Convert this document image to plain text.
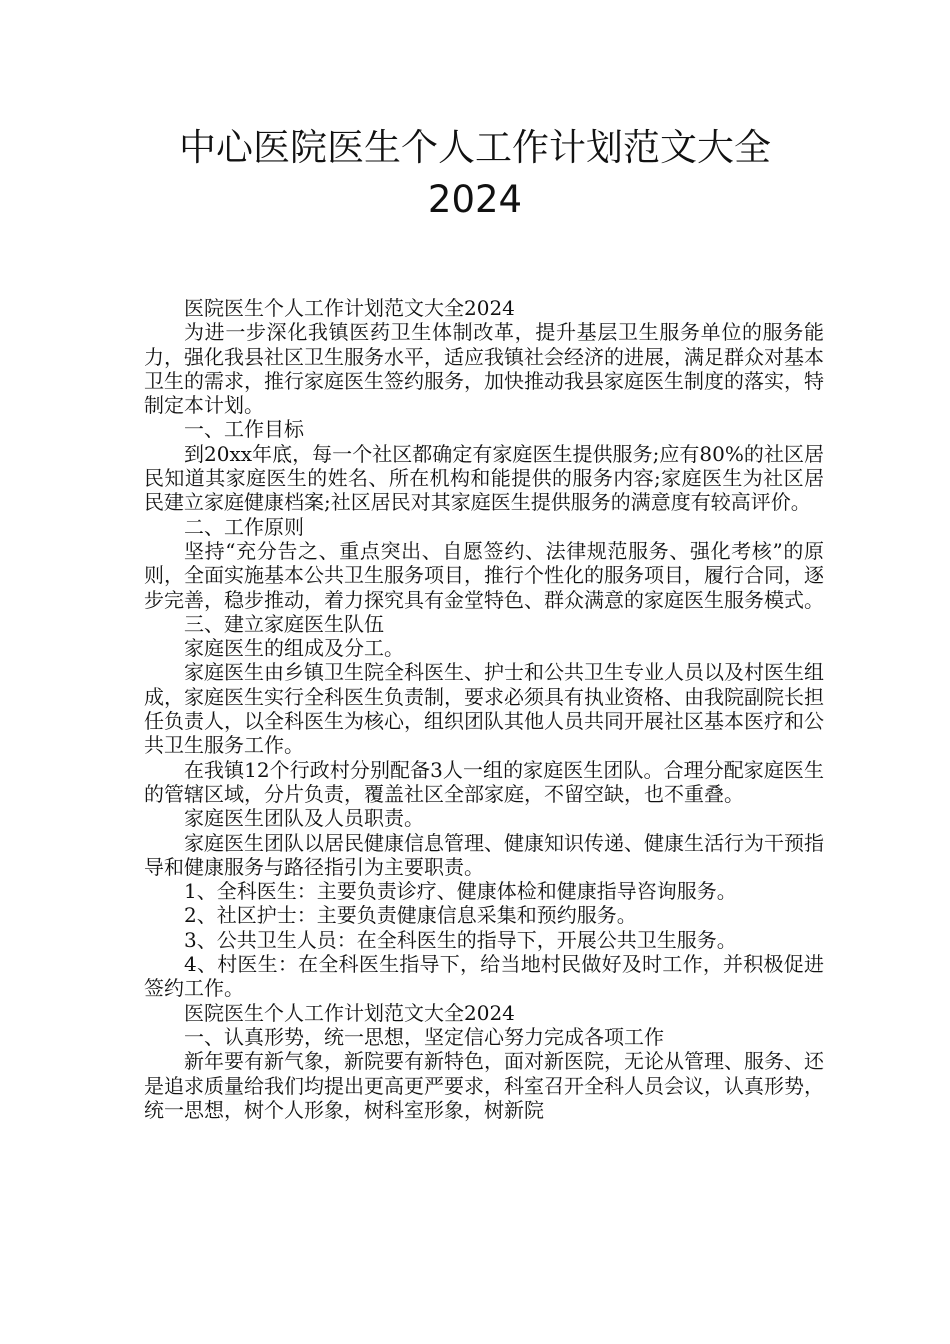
中心医院医生个人工作计划范文大全
2024

医院医生个人工作计划范文大全2024

为进一步深化我镇医药卫生体制改革，提升基层卫生服务单位的服务能力，强化我县社区卫生服务水平，适应我镇社会经济的进展，满足群众对基本卫生的需求，推行家庭医生签约服务，加快推动我县家庭医生制度的落实，特制定本计划。

一、工作目标

到20xx年底，每一个社区都确定有家庭医生提供服务;应有80%的社区居民知道其家庭医生的姓名、所在机构和能提供的服务内容;家庭医生为社区居民建立家庭健康档案;社区居民对其家庭医生提供服务的满意度有较高评价。

二、工作原则

坚持“充分告之、重点突出、自愿签约、法律规范服务、强化考核”的原则，全面实施基本公共卫生服务项目，推行个性化的服务项目，履行合同，逐步完善，稳步推动，着力探究具有金堂特色、群众满意的家庭医生服务模式。

三、建立家庭医生队伍

家庭医生的组成及分工。

家庭医生由乡镇卫生院全科医生、护士和公共卫生专业人员以及村医生组成，家庭医生实行全科医生负责制，要求必须具有执业资格、由我院副院长担任负责人，以全科医生为核心，组织团队其他人员共同开展社区基本医疗和公共卫生服务工作。

在我镇12个行政村分别配备3人一组的家庭医生团队。合理分配家庭医生的管辖区域，分片负责，覆盖社区全部家庭，不留空缺，也不重叠。

家庭医生团队及人员职责。

家庭医生团队以居民健康信息管理、健康知识传递、健康生活行为干预指导和健康服务与路径指引为主要职责。

1、全科医生：主要负责诊疗、健康体检和健康指导咨询服务。

2、社区护士：主要负责健康信息采集和预约服务。

3、公共卫生人员：在全科医生的指导下，开展公共卫生服务。

4、村医生：在全科医生指导下，给当地村民做好及时工作，并积极促进签约工作。

医院医生个人工作计划范文大全2024

一、认真形势，统一思想，坚定信心努力完成各项工作

新年要有新气象，新院要有新特色，面对新医院，无论从管理、服务、还是追求质量给我们均提出更高更严要求，科室召开全科人员会议，认真形势，统一思想，树个人形象，树科室形象，树新院
